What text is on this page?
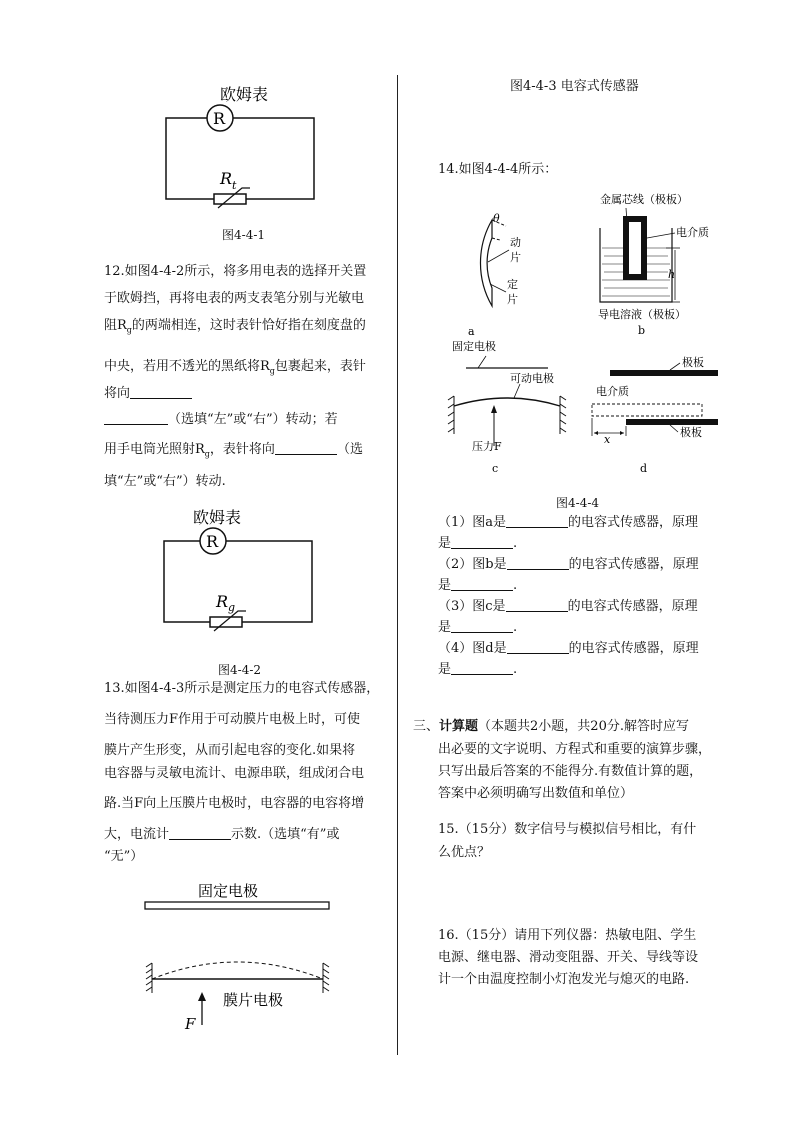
欧姆表
R
R t
图4-4-1
12.如图4-4-2所示，将多用电表的选择开关置
于欧姆挡，再将电表的两支表笔分别与光敏电
阻$R_g$的两端相连，这时表针恰好指在刻度盘的
中央，若用不透光的黑纸将$R_g$包裹起来，表针
将向
（选填“左”或“右”）转动；若
用手电筒光照射$R_g$，表针将向	（选
填“左”或“右”）转动.
欧姆表
R
R g
图4-4-2
13.如图4-4-3所示是测定压力的电容式传感器，
当待测压力F作用于可动膜片电极上时，可使
膜片产生形变，从而引起电容的变化.如果将
电容器与灵敏电流计、电源串联，组成闭合电
路.当F向上压膜片电极时，电容器的电容将增
大，电流计	示数.（选填“有”或
“无”）
固定电极
F
膜片电极
图4-4-3 电容式传感器
14.如图4-4-4所示：
θ
动
片
定
片
a
金属芯线（极板）
电介质
h
导电溶液（极板）
b
固定电极
可动电极
压力F
c
极板
电介质
极板
x
d
图4-4-4
（1）图a是	的电容式传感器，原理
是	.
（2）图b是	的电容式传感器，原理
是	.
（3）图c是	的电容式传感器，原理
是	.
（4）图d是	的电容式传感器，原理
是	.
三、计算题（本题共2小题，共20分.解答时应写
出必要的文字说明、方程式和重要的演算步骤，
只写出最后答案的不能得分.有数值计算的题，
答案中必须明确写出数值和单位）
15.（15分）数字信号与模拟信号相比，有什
么优点？
16.（15分）请用下列仪器：热敏电阻、学生
电源、继电器、滑动变阻器、开关、导线等设
计一个由温度控制小灯泡发光与熄灭的电路.
